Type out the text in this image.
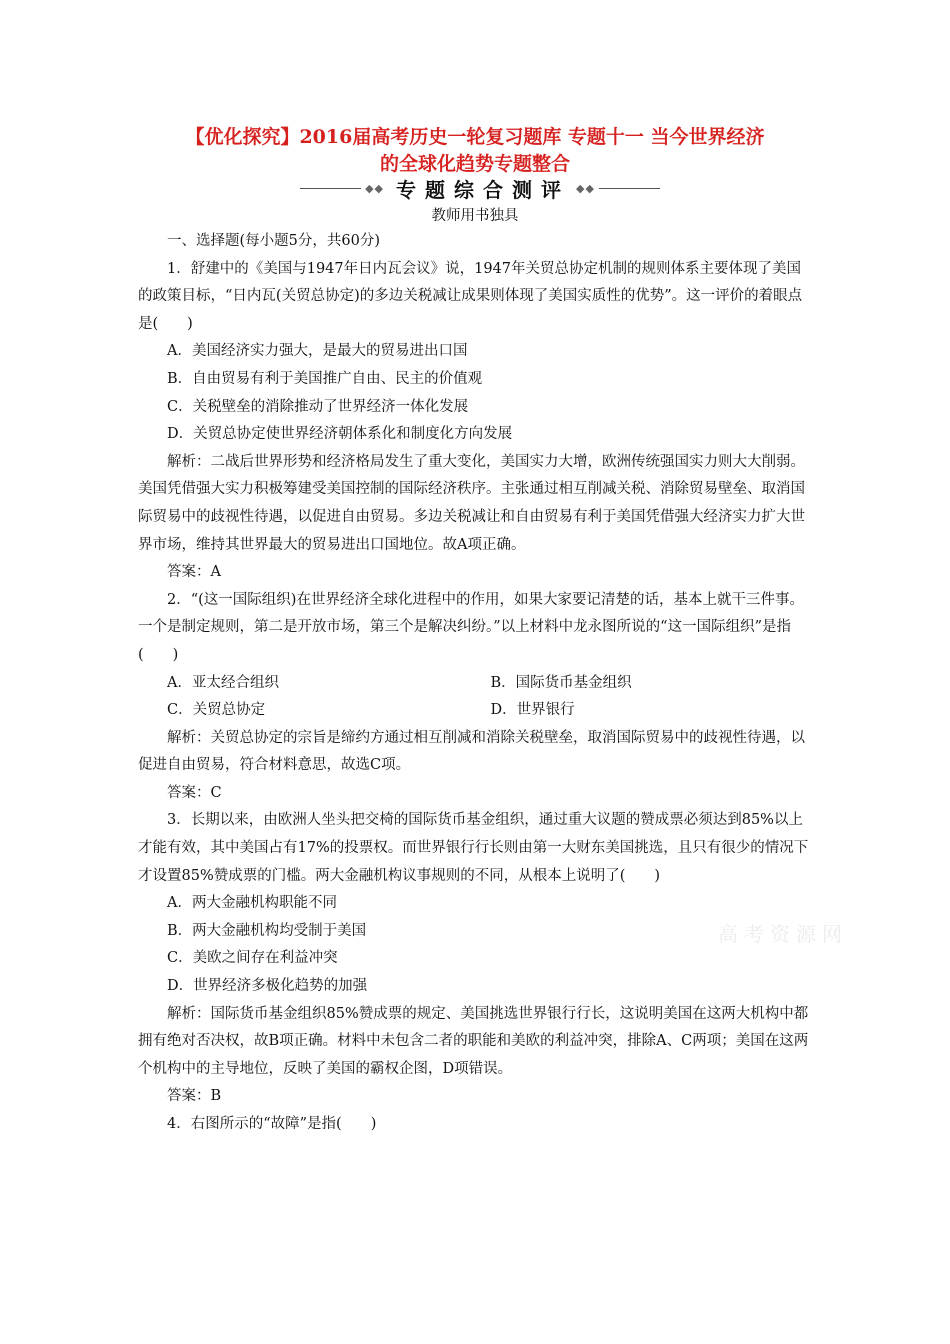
【优化探究】2016届高考历史一轮复习题库 专题十一 当今世界经济
的全球化趋势专题整合
◆◆ 专题综合测评 ◆◆
教师用书独具

一、选择题(每小题5分，共60分)

1．舒建中的《美国与1947年日内瓦会议》说，1947年关贸总协定机制的规则体系主要体现了美国的政策目标，“日内瓦(关贸总协定)的多边关税减让成果则体现了美国实质性的优势”。这一评价的着眼点是(　　)

A．美国经济实力强大，是最大的贸易进出口国

B．自由贸易有利于美国推广自由、民主的价值观

C．关税壁垒的消除推动了世界经济一体化发展

D．关贸总协定使世界经济朝体系化和制度化方向发展

解析：二战后世界形势和经济格局发生了重大变化，美国实力大增，欧洲传统强国实力则大大削弱。美国凭借强大实力积极筹建受美国控制的国际经济秩序。主张通过相互削减关税、消除贸易壁垒、取消国际贸易中的歧视性待遇，以促进自由贸易。多边关税减让和自由贸易有利于美国凭借强大经济实力扩大世界市场，维持其世界最大的贸易进出口国地位。故A项正确。

答案：A

2．“(这一国际组织)在世界经济全球化进程中的作用，如果大家要记清楚的话，基本上就干三件事。一个是制定规则，第二是开放市场，第三个是解决纠纷。”以上材料中龙永图所说的“这一国际组织”是指(　　)

A．亚太经合组织	B．国际货币基金组织
C．关贸总协定	D．世界银行

解析：关贸总协定的宗旨是缔约方通过相互削减和消除关税壁垒，取消国际贸易中的歧视性待遇，以促进自由贸易，符合材料意思，故选C项。

答案：C

3．长期以来，由欧洲人坐头把交椅的国际货币基金组织，通过重大议题的赞成票必须达到85%以上才能有效，其中美国占有17%的投票权。而世界银行行长则由第一大财东美国挑选，且只有很少的情况下才设置85%赞成票的门槛。两大金融机构议事规则的不同，从根本上说明了(　　)

A．两大金融机构职能不同

B．两大金融机构均受制于美国

C．美欧之间存在利益冲突

D．世界经济多极化趋势的加强

解析：国际货币基金组织85%赞成票的规定、美国挑选世界银行行长，这说明美国在这两大机构中都拥有绝对否决权，故B项正确。材料中未包含二者的职能和美欧的利益冲突，排除A、C两项；美国在这两个机构中的主导地位，反映了美国的霸权企图，D项错误。

答案：B

4．右图所示的“故障”是指(　　)

高考资源网
